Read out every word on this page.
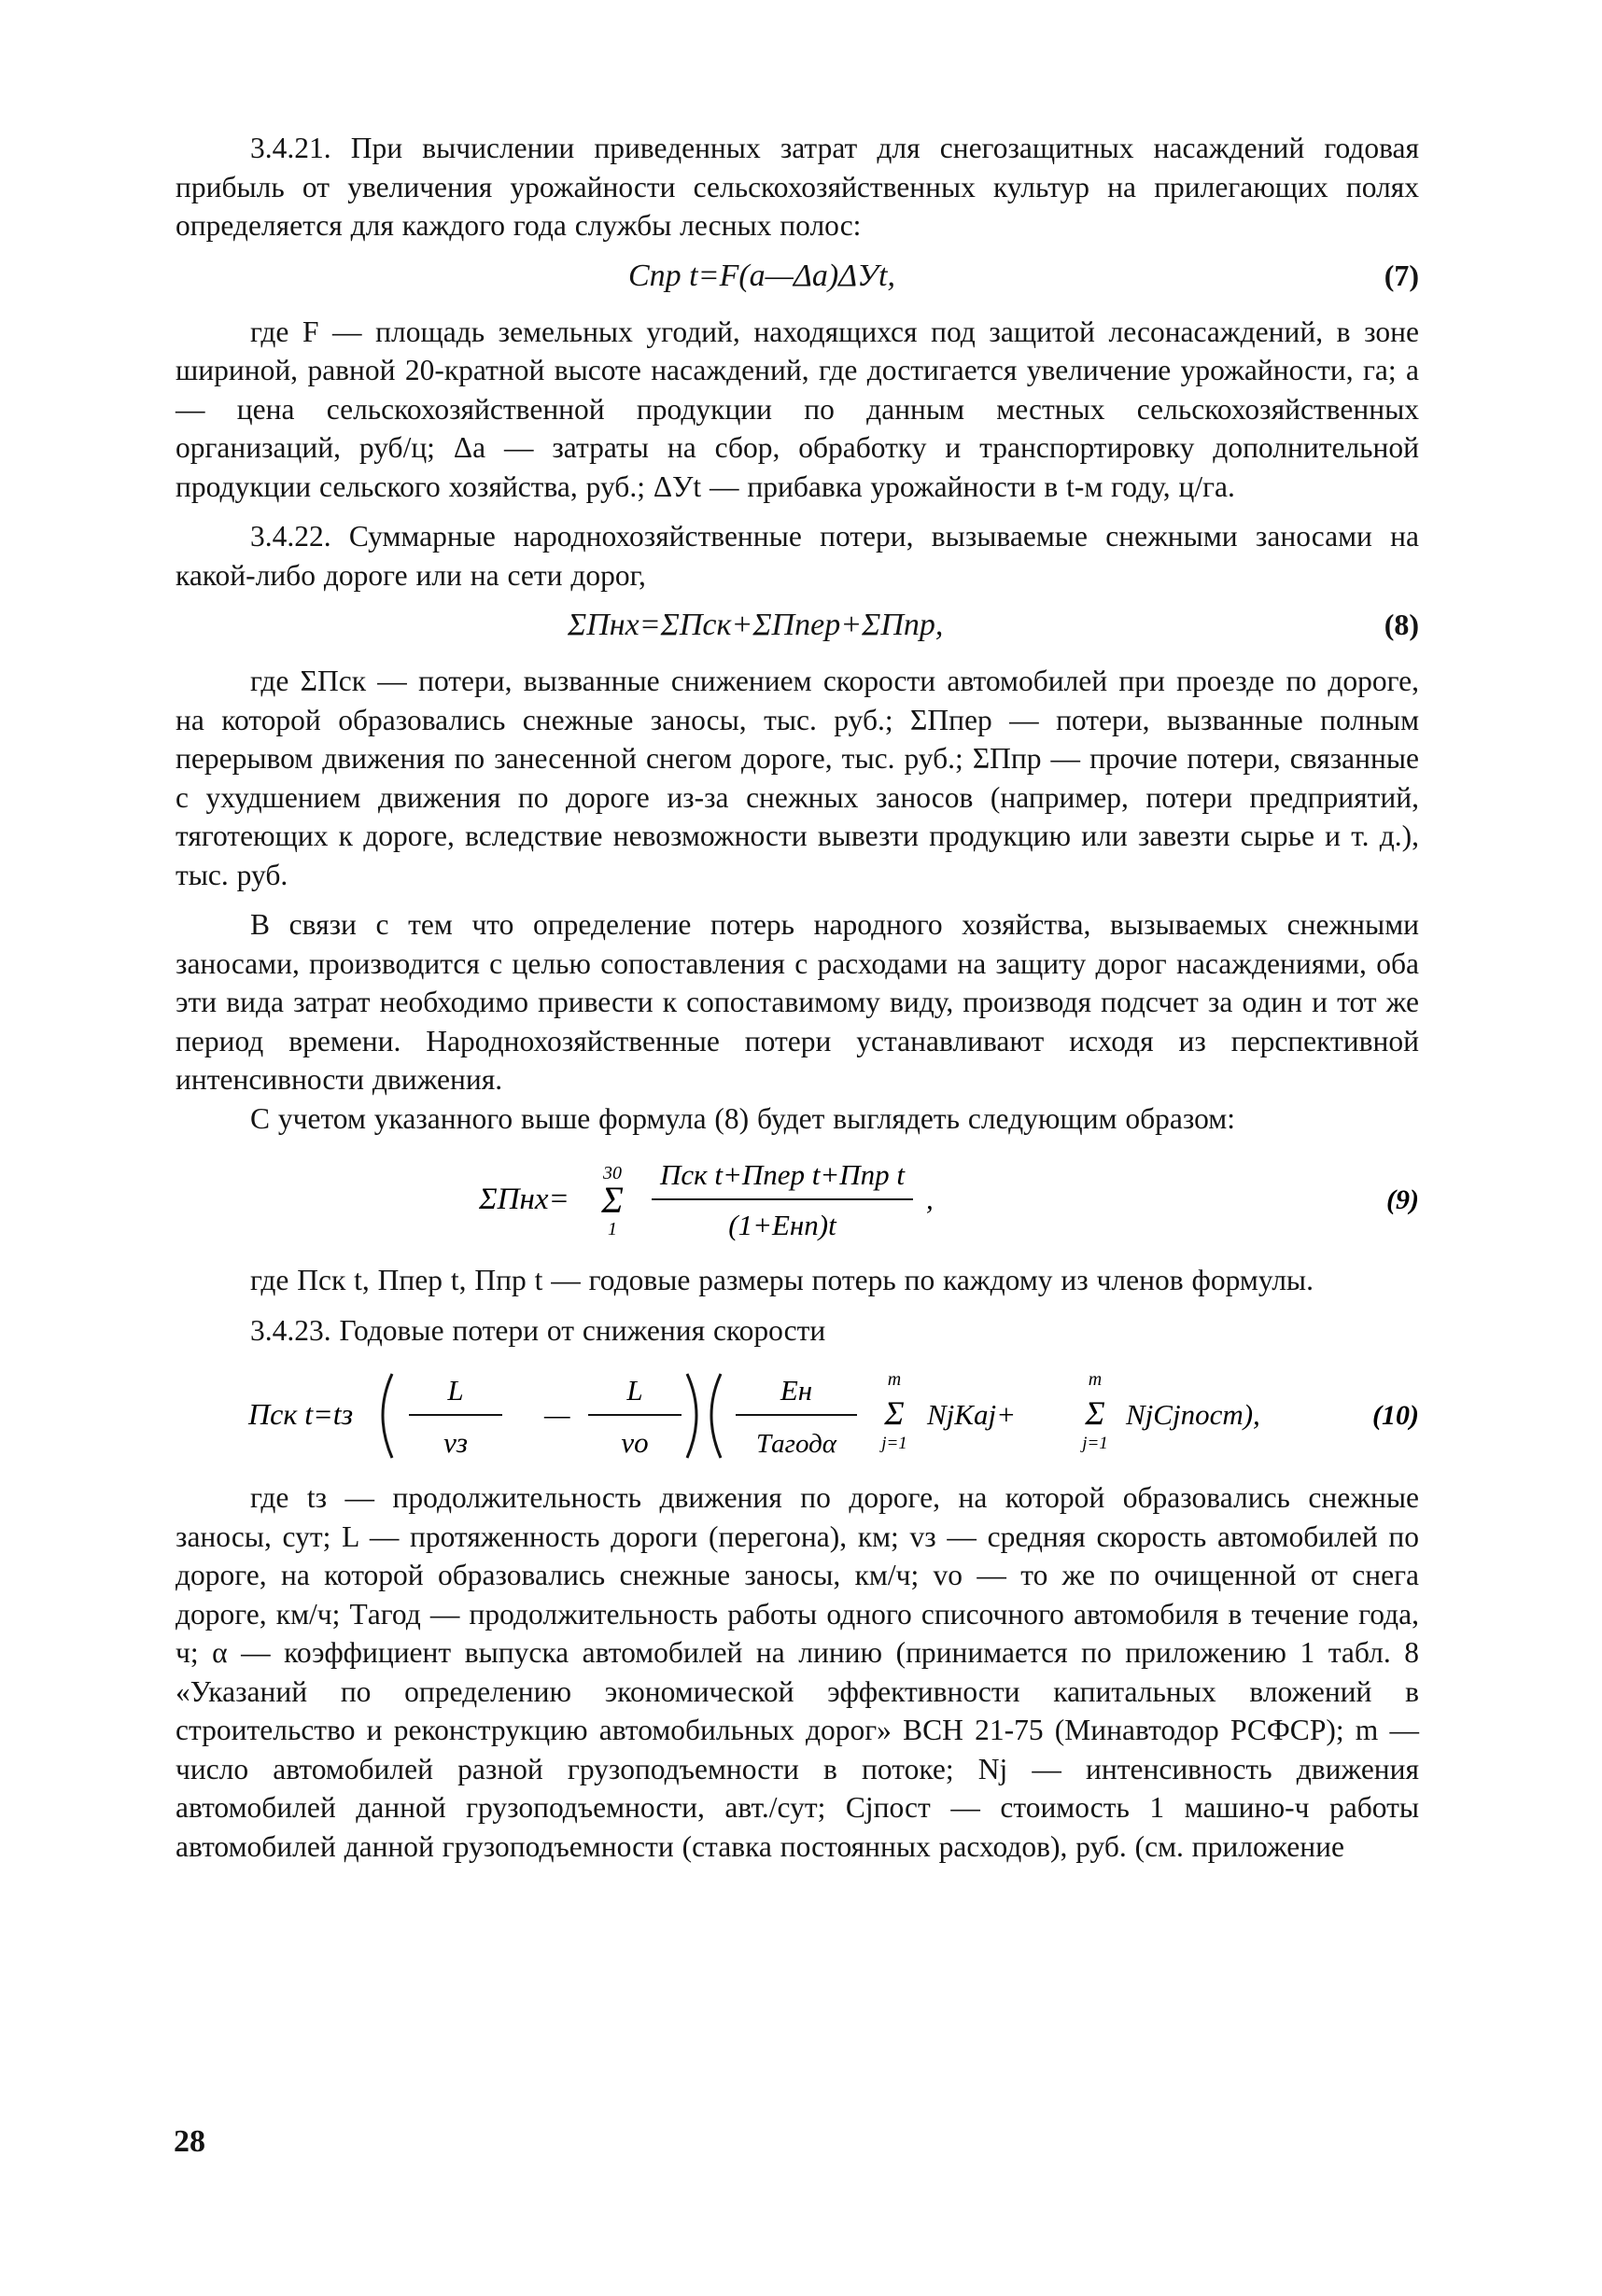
3.4.21. При вычислении приведенных затрат для снегозащитных насаждений годовая прибыль от увеличения урожайности сельскохозяйственных культур на прилегающих полях определяется для каждого года службы лесных полос:

Cпр t=F(a—Δa)ΔУt,	(7)

где F — площадь земельных угодий, находящихся под защитой лесонасаждений, в зоне шириной, равной 20-кратной высоте насаждений, где достигается увеличение урожайности, га; a — цена сельскохозяйственной продукции по данным местных сельскохозяйственных организаций, руб/ц; Δa — затраты на сбор, обработку и транспортировку дополнительной продукции сельского хозяйства, руб.; ΔУt — прибавка урожайности в t-м году, ц/га.

3.4.22. Суммарные народнохозяйственные потери, вызываемые снежными заносами на какой-либо дороге или на сети дорог,

ΣПнх=ΣПск+ΣПпер+ΣПпр,	(8)

где ΣПск — потери, вызванные снижением скорости автомобилей при проезде по дороге, на которой образовались снежные заносы, тыс. руб.; ΣПпер — потери, вызванные полным перерывом движения по занесенной снегом дороге, тыс. руб.; ΣПпр — прочие потери, связанные с ухудшением движения по дороге из-за снежных заносов (например, потери предприятий, тяготеющих к дороге, вследствие невозможности вывезти продукцию или завезти сырье и т. д.), тыс. руб.

В связи с тем что определение потерь народного хозяйства, вызываемых снежными заносами, производится с целью сопоставления с расходами на защиту дорог насаждениями, оба эти вида затрат необходимо привести к сопоставимому виду, производя подсчет за один и тот же период времени. Народнохозяйственные потери устанавливают исходя из перспективной интенсивности движения.

С учетом указанного выше формула (8) будет выглядеть следующим образом:

ΣПнх=
30
Σ
1
Пск t+Ппер t+Ппр t
(1+Eнп)t
,	(9)

где Пск t, Ппер t, Ппр t — годовые размеры потерь по каждому из членов формулы.

3.4.23. Годовые потери от снижения скорости

Пск t=tз
L
vз
—
L
vо
Eн
Tагодα
m
Σ
j=1
NjKaj+
m
Σ
j=1
NjCjпост),	(10)

где tз — продолжительность движения по дороге, на которой образовались снежные заносы, сут; L — протяженность дороги (перегона), км; vз — средняя скорость автомобилей по дороге, на которой образовались снежные заносы, км/ч; vо — то же по очищенной от снега дороге, км/ч; Tагод — продолжительность работы одного списочного автомобиля в течение года, ч; α — коэффициент выпуска автомобилей на линию (принимается по приложению 1 табл. 8 «Указаний по определению экономической эффективности капитальных вложений в строительство и реконструкцию автомобильных дорог» ВСН 21-75 (Минавтодор РСФСР); m — число автомобилей разной грузоподъемности в потоке; Nj — интенсивность движения автомобилей данной грузоподъемности, авт./сут; Cjпост — стоимость 1 машино-ч работы автомобилей данной грузоподъемности (ставка постоянных расходов), руб. (см. приложение

28
